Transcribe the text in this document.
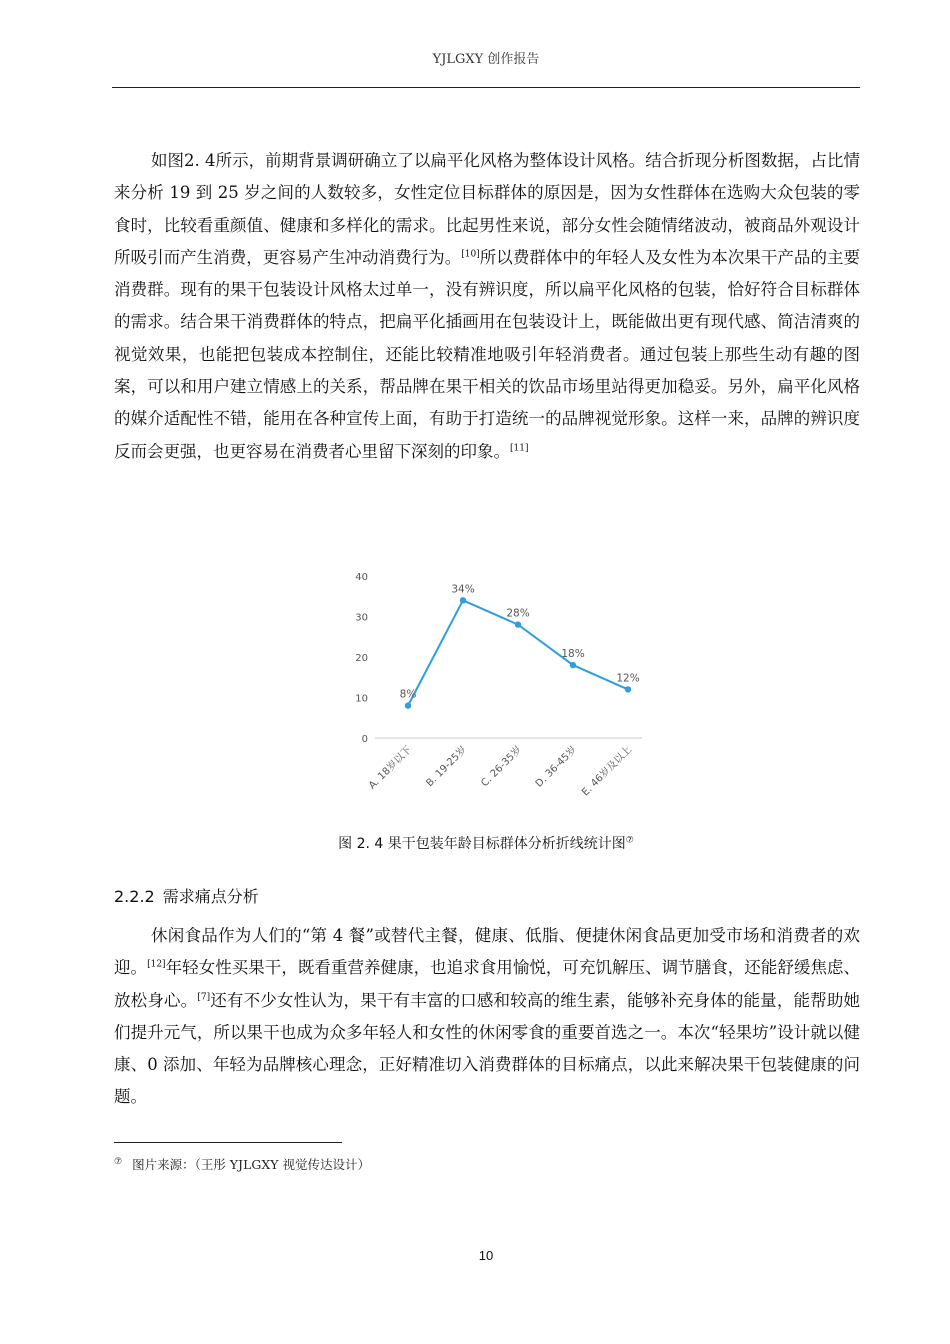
YJLGXY 创作报告

如图2. 4所示，前期背景调研确立了以扁平化风格为整体设计风格。结合折现分析图数据，占比情来分析 19 到 25 岁之间的人数较多，女性定位目标群体的原因是，因为女性群体在选购大众包装的零食时，比较看重颜值、健康和多样化的需求。比起男性来说，部分女性会随情绪波动，被商品外观设计所吸引而产生消费，更容易产生冲动消费行为。[10]所以费群体中的年轻人及女性为本次果干产品的主要消费群。现有的果干包装设计风格太过单一，没有辨识度，所以扁平化风格的包装，恰好符合目标群体的需求。结合果干消费群体的特点，把扁平化插画用在包装设计上，既能做出更有现代感、简洁清爽的视觉效果，也能把包装成本控制住，还能比较精准地吸引年轻消费者。通过包装上那些生动有趣的图案，可以和用户建立情感上的关系，帮品牌在果干相关的饮品市场里站得更加稳妥。另外，扁平化风格的媒介适配性不错，能用在各种宣传上面，有助于打造统一的品牌视觉形象。这样一来，品牌的辨识度反而会更强，也更容易在消费者心里留下深刻的印象。[11]

0
10
20
30
40
A. 18岁以下 B. 19-25岁 C. 26-35岁 D. 36-45岁 E. 46岁及以上
8%
34%
28%
18%
12%
图 2. 4 果干包装年龄目标群体分析折线统计图⑦
2.2.2 需求痛点分析

休闲食品作为人们的“第 4 餐”或替代主餐，健康、低脂、便捷休闲食品更加受市场和消费者的欢迎。[12]年轻女性买果干，既看重营养健康，也追求食用愉悦，可充饥解压、调节膳食，还能舒缓焦虑、放松身心。[7]还有不少女性认为，果干有丰富的口感和较高的维生素，能够补充身体的能量，能帮助她们提升元气，所以果干也成为众多年轻人和女性的休闲零食的重要首选之一。本次“轻果坊”设计就以健康、0 添加、年轻为品牌核心理念，正好精准切入消费群体的目标痛点，以此来解决果干包装健康的问题。

⑦ 图片来源：（王彤 YJLGXY 视觉传达设计）
10
